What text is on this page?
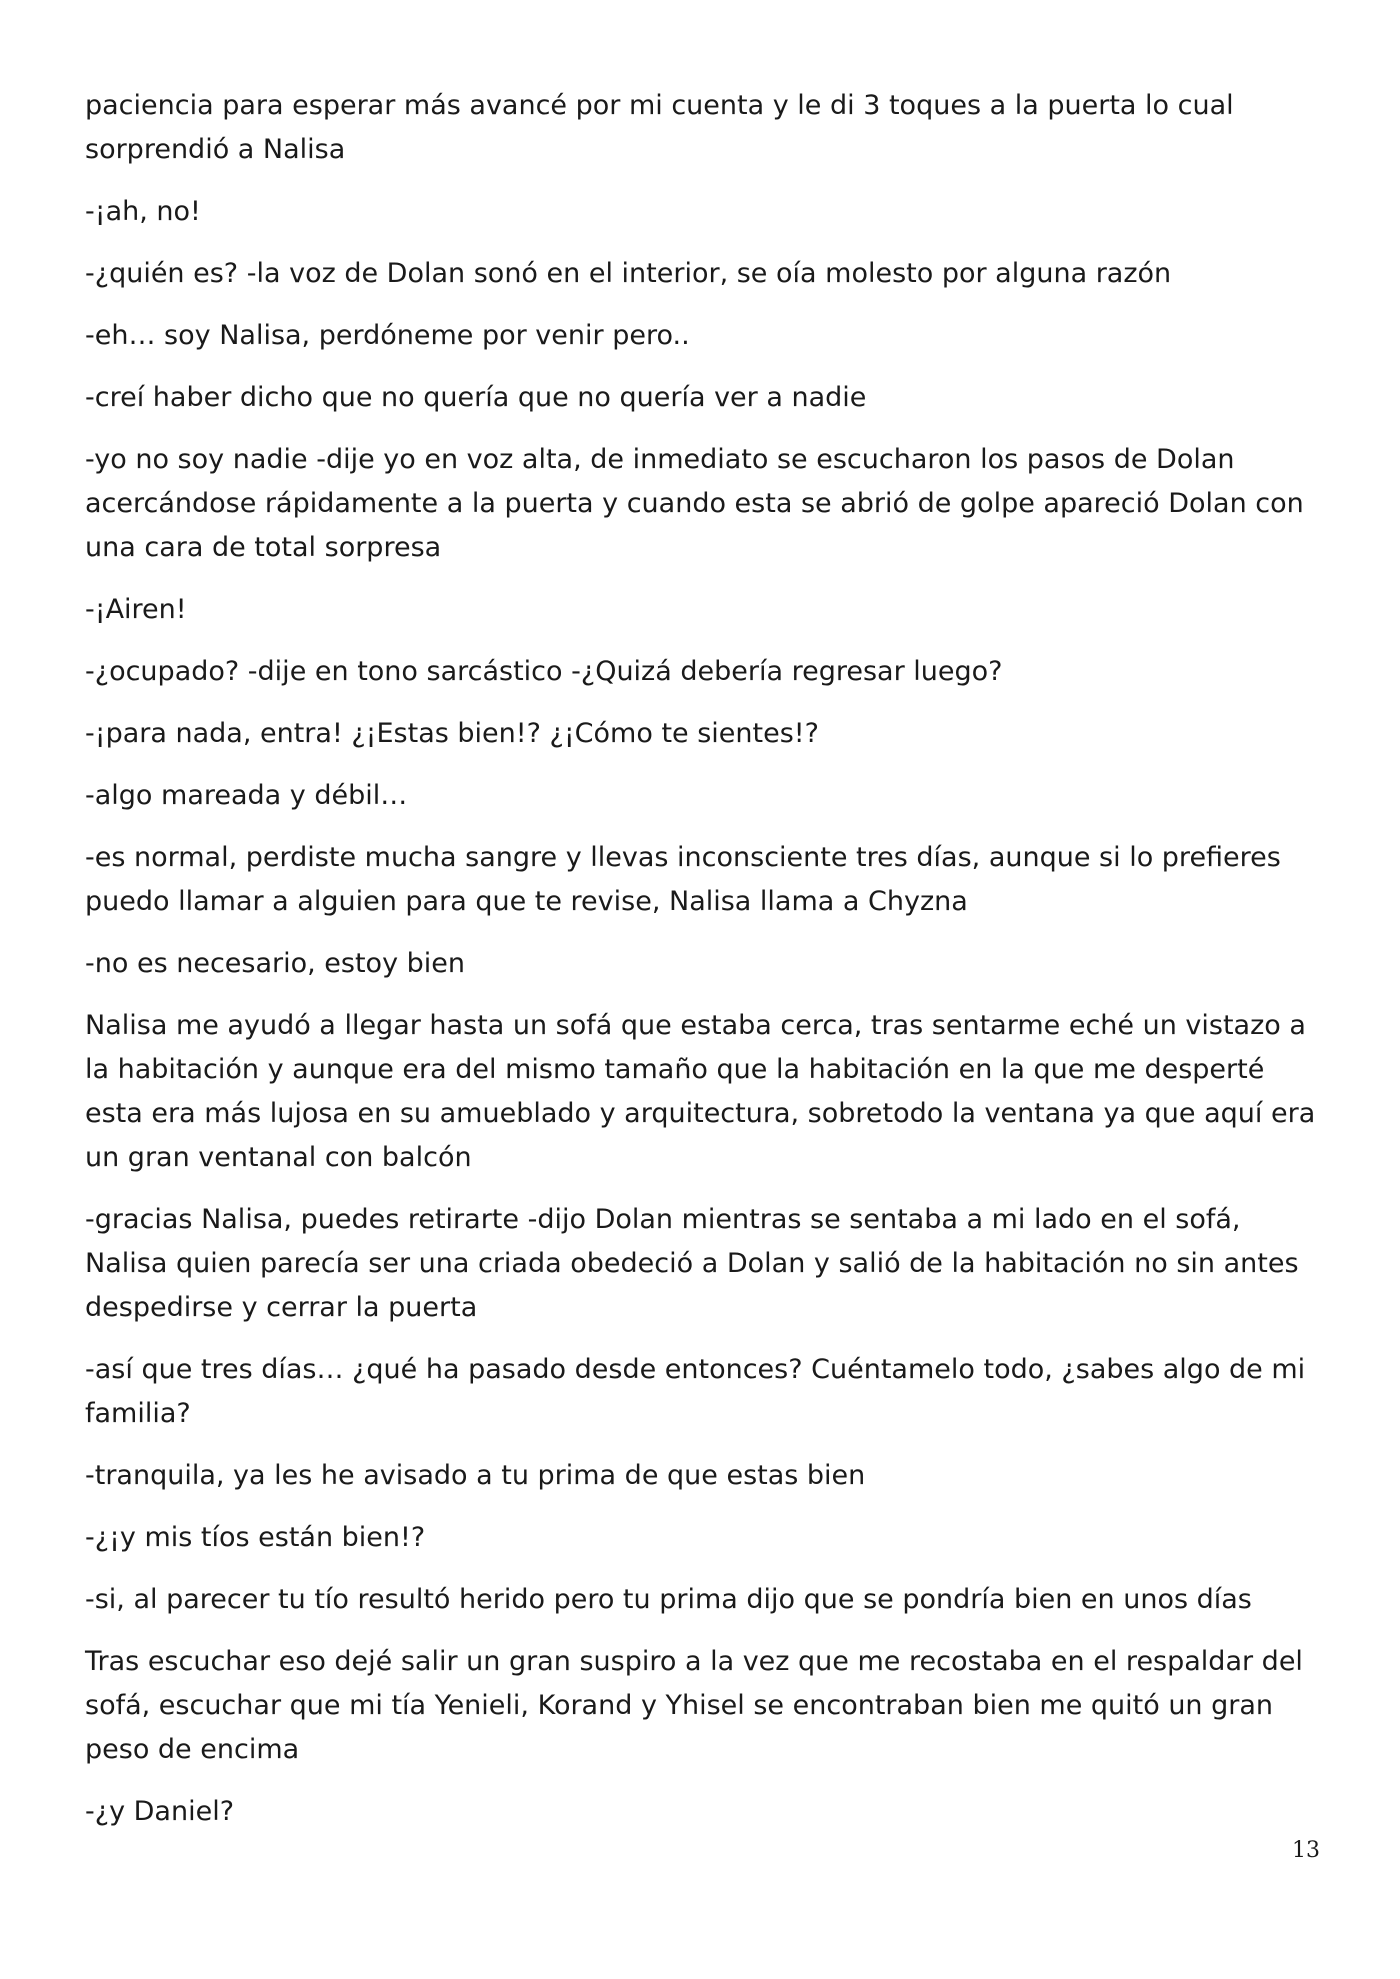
paciencia para esperar más avancé por mi cuenta y le di 3 toques a la puerta lo cual sorprendió a Nalisa

-¡ah, no!

-¿quién es? -la voz de Dolan sonó en el interior, se oía molesto por alguna razón

-eh… soy Nalisa, perdóneme por venir pero..

-creí haber dicho que no quería que no quería ver a nadie

-yo no soy nadie -dije yo en voz alta, de inmediato se escucharon los pasos de Dolan acercándose rápidamente a la puerta y cuando esta se abrió de golpe apareció Dolan con una cara de total sorpresa

-¡Airen!

-¿ocupado? -dije en tono sarcástico -¿Quizá debería regresar luego?

-¡para nada, entra! ¿¡Estas bien!? ¿¡Cómo te sientes!?

-algo mareada y débil…

-es normal, perdiste mucha sangre y llevas inconsciente tres días, aunque si lo prefieres puedo llamar a alguien para que te revise, Nalisa llama a Chyzna

-no es necesario, estoy bien

Nalisa me ayudó a llegar hasta un sofá que estaba cerca, tras sentarme eché un vistazo a la habitación y aunque era del mismo tamaño que la habitación en la que me desperté esta era más lujosa en su amueblado y arquitectura, sobretodo la ventana ya que aquí era un gran ventanal con balcón

-gracias Nalisa, puedes retirarte -dijo Dolan mientras se sentaba a mi lado en el sofá, Nalisa quien parecía ser una criada obedeció a Dolan y salió de la habitación no sin antes despedirse y cerrar la puerta

-así que tres días… ¿qué ha pasado desde entonces? Cuéntamelo todo, ¿sabes algo de mi familia?

-tranquila, ya les he avisado a tu prima de que estas bien

-¿¡y mis tíos están bien!?

-si, al parecer tu tío resultó herido pero tu prima dijo que se pondría bien en unos días

Tras escuchar eso dejé salir un gran suspiro a la vez que me recostaba en el respaldar del sofá, escuchar que mi tía Yenieli, Korand y Yhisel se encontraban bien me quitó un gran peso de encima

-¿y Daniel?

13
